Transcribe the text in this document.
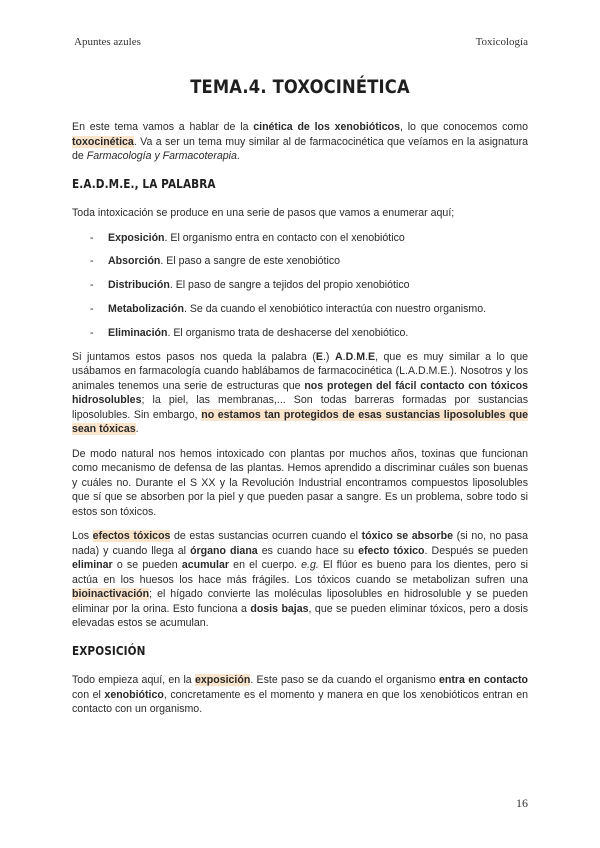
Apuntes azules	Toxicología
TEMA.4. TOXOCINÉTICA

En este tema vamos a hablar de la cinética de los xenobióticos, lo que conocemos como toxocinética. Va a ser un tema muy similar al de farmacocinética que veíamos en la asignatura de Farmacología y Farmacoterapia.

E.A.D.M.E., LA PALABRA

Toda intoxicación se produce en una serie de pasos que vamos a enumerar aquí;

- Exposición. El organismo entra en contacto con el xenobiótico
- Absorción. El paso a sangre de este xenobiótico
- Distribución. El paso de sangre a tejidos del propio xenobiótico
- Metabolización. Se da cuando el xenobiótico interactúa con nuestro organismo.
- Eliminación. El organismo trata de deshacerse del xenobiótico.

Si juntamos estos pasos nos queda la palabra (E.) A.D.M.E, que es muy similar a lo que usábamos en farmacología cuando hablábamos de farmacocinética (L.A.D.M.E.). Nosotros y los animales tenemos una serie de estructuras que nos protegen del fácil contacto con tóxicos hidrosolubles; la piel, las membranas,... Son todas barreras formadas por sustancias liposolubles. Sin embargo, no estamos tan protegidos de esas sustancias liposolubles que sean tóxicas.

De modo natural nos hemos intoxicado con plantas por muchos años, toxinas que funcionan como mecanismo de defensa de las plantas. Hemos aprendido a discriminar cuáles son buenas y cuáles no. Durante el S XX y la Revolución Industrial encontramos compuestos liposolubles que sí que se absorben por la piel y que pueden pasar a sangre. Es un problema, sobre todo si estos son tóxicos.

Los efectos tóxicos de estas sustancias ocurren cuando el tóxico se absorbe (si no, no pasa nada) y cuando llega al órgano diana es cuando hace su efecto tóxico. Después se pueden eliminar o se pueden acumular en el cuerpo. e.g. El flúor es bueno para los dientes, pero si actúa en los huesos los hace más frágiles. Los tóxicos cuando se metabolizan sufren una bioinactivación; el hígado convierte las moléculas liposolubles en hidrosoluble y se pueden eliminar por la orina. Esto funciona a dosis bajas, que se pueden eliminar tóxicos, pero a dosis elevadas estos se acumulan.

EXPOSICIÓN

Todo empieza aquí, en la exposición. Este paso se da cuando el organismo entra en contacto con el xenobiótico, concretamente es el momento y manera en que los xenobióticos entran en contacto con un organismo.

16
